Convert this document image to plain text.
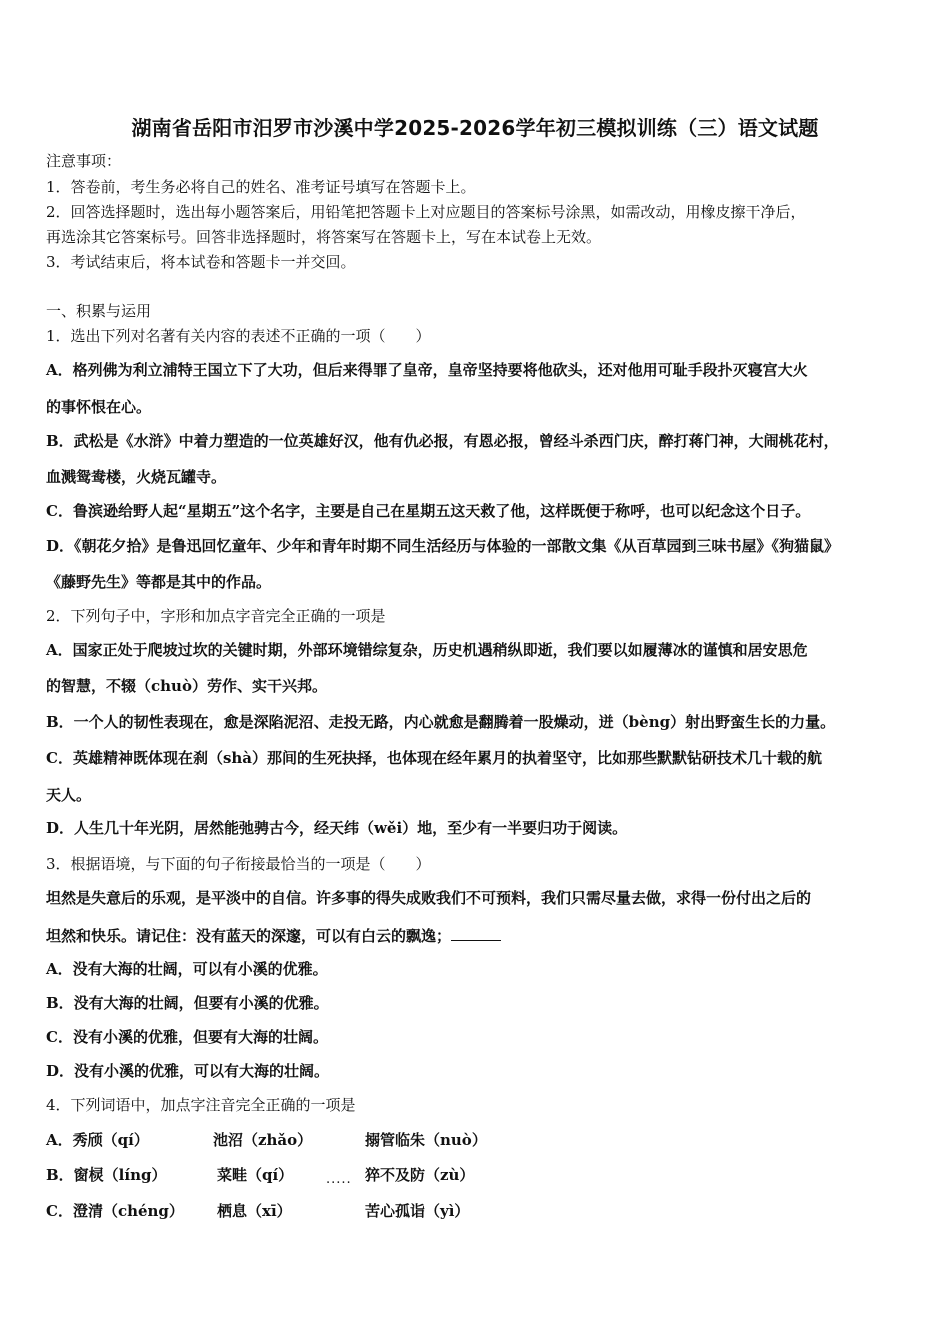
湖南省岳阳市汨罗市沙溪中学2025-2026学年初三模拟训练（三）语文试题
注意事项：
1．答卷前，考生务必将自己的姓名、准考证号填写在答题卡上。
2．回答选择题时，选出每小题答案后，用铅笔把答题卡上对应题目的答案标号涂黑，如需改动，用橡皮擦干净后，
再选涂其它答案标号。回答非选择题时，将答案写在答题卡上，写在本试卷上无效。
3．考试结束后，将本试卷和答题卡一并交回。
一、积累与运用
1．选出下列对名著有关内容的表述不正确的一项（　　）
A．格列佛为利立浦特王国立下了大功，但后来得罪了皇帝，皇帝坚持要将他砍头，还对他用可耻手段扑灭寝宫大火
的事怀恨在心。
B．武松是《水浒》中着力塑造的一位英雄好汉，他有仇必报，有恩必报，曾经斗杀西门庆，醉打蒋门神，大闹桃花村，
血溅鸳鸯楼，火烧瓦罐寺。
C．鲁滨逊给野人起“星期五”这个名字，主要是自己在星期五这天救了他，这样既便于称呼，也可以纪念这个日子。
D．《朝花夕拾》是鲁迅回忆童年、少年和青年时期不同生活经历与体验的一部散文集《从百草园到三味书屋》《狗猫鼠》
《藤野先生》等都是其中的作品。
2．下列句子中，字形和加点字音完全正确的一项是
A．国家正处于爬坡过坎的关键时期，外部环境错综复杂，历史机遇稍纵即逝，我们要以如履薄冰的谨慎和居安思危
的智慧，不辍（chuò）劳作、实干兴邦。
B．一个人的韧性表现在，愈是深陷泥沼、走投无路，内心就愈是翻腾着一股燥动，迸（bèng）射出野蛮生长的力量。
C．英雄精神既体现在刹（shà）那间的生死抉择，也体现在经年累月的执着坚守，比如那些默默钻研技术几十载的航
天人。
D．人生几十年光阴，居然能弛骋古今，经天纬（wěi）地，至少有一半要归功于阅读。
3．根据语境，与下面的句子衔接最恰当的一项是（　　）
坦然是失意后的乐观，是平淡中的自信。许多事的得失成败我们不可预料，我们只需尽量去做，求得一份付出之后的
坦然和快乐。请记住：没有蓝天的深邃，可以有白云的飘逸；
A．没有大海的壮阔，可以有小溪的优雅。
B．没有大海的壮阔，但要有小溪的优雅。
C．没有小溪的优雅，但要有大海的壮阔。
D．没有小溪的优雅，可以有大海的壮阔。
4．下列词语中，加点字注音完全正确的一项是
A．秀颀（qí）	池沼（zhǎo）	搦管临朱（nuò）
B．窗棂（líng）	菜畦（qí）	猝不及防（zù）
.....
C．澄清（chéng） 栖息（xī）	苦心孤诣（yì）
